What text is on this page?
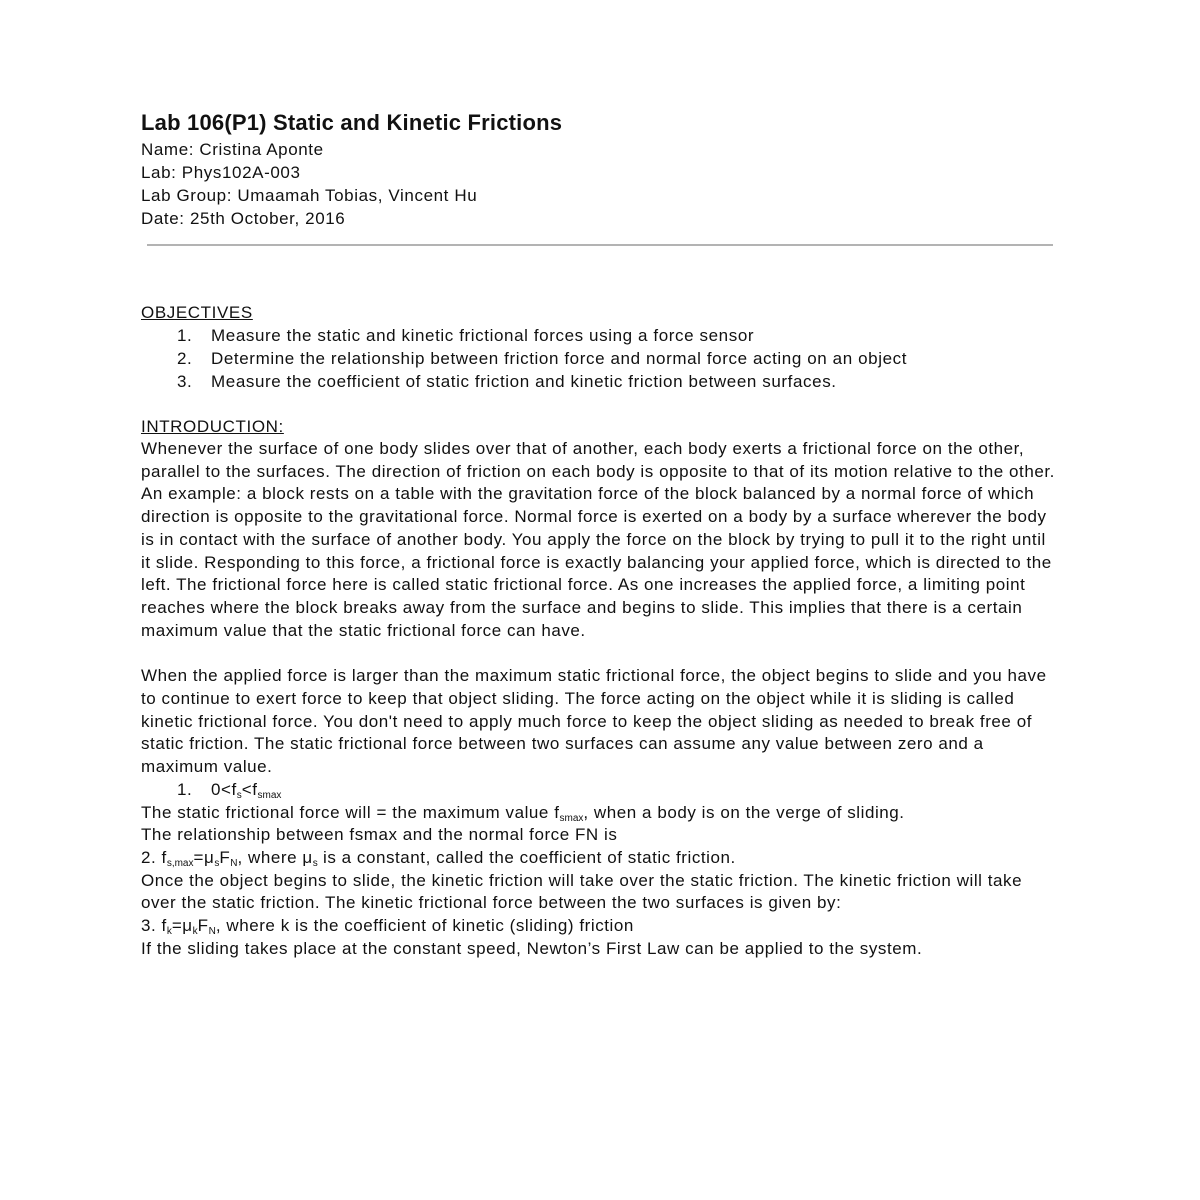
Lab 106(P1) Static and Kinetic Frictions

Name: Cristina Aponte

Lab: Phys102A-003

Lab Group: Umaamah Tobias, Vincent Hu

Date: 25th October, 2016

OBJECTIVES

1. Measure the static and kinetic frictional forces using a force sensor
2. Determine the relationship between friction force and normal force acting on an object
3. Measure the coefficient of static friction and kinetic friction between surfaces.

INTRODUCTION:

Whenever the surface of one body slides over that of another, each body exerts a frictional force on the other, parallel to the surfaces. The direction of friction on each body is opposite to that of its motion relative to the other. An example: a block rests on a table with the gravitation force of the block balanced by a normal force of which direction is opposite to the gravitational force. Normal force is exerted on a body by a surface wherever the body is in contact with the surface of another body. You apply the force on the block by trying to pull it to the right until it slide. Responding to this force, a frictional force is exactly balancing your applied force, which is directed to the left. The frictional force here is called static frictional force. As one increases the applied force, a limiting point reaches where the block breaks away from the surface and begins to slide. This implies that there is a certain maximum value that the static frictional force can have.

When the applied force is larger than the maximum static frictional force, the object begins to slide and you have to continue to exert force to keep that object sliding. The force acting on the object while it is sliding is called kinetic frictional force. You don't need to apply much force to keep the object sliding as needed to break free of static friction. The static frictional force between two surfaces can assume any value between zero and a maximum value.

1. $0<f_s<f_{smax}$

The static frictional force will = the maximum value $f_{smax}$, when a body is on the verge of sliding.

The relationship between fsmax and the normal force FN is

2. $f_{s,max}=\mu_sF_N$, where $\mu_s$ is a constant, called the coefficient of static friction.

Once the object begins to slide, the kinetic friction will take over the static friction. The kinetic friction will take over the static friction. The kinetic frictional force between the two surfaces is given by:

3. $f_k=\mu_kF_N$, where k is the coefficient of kinetic (sliding) friction

If the sliding takes place at the constant speed, Newton’s First Law can be applied to the system.
